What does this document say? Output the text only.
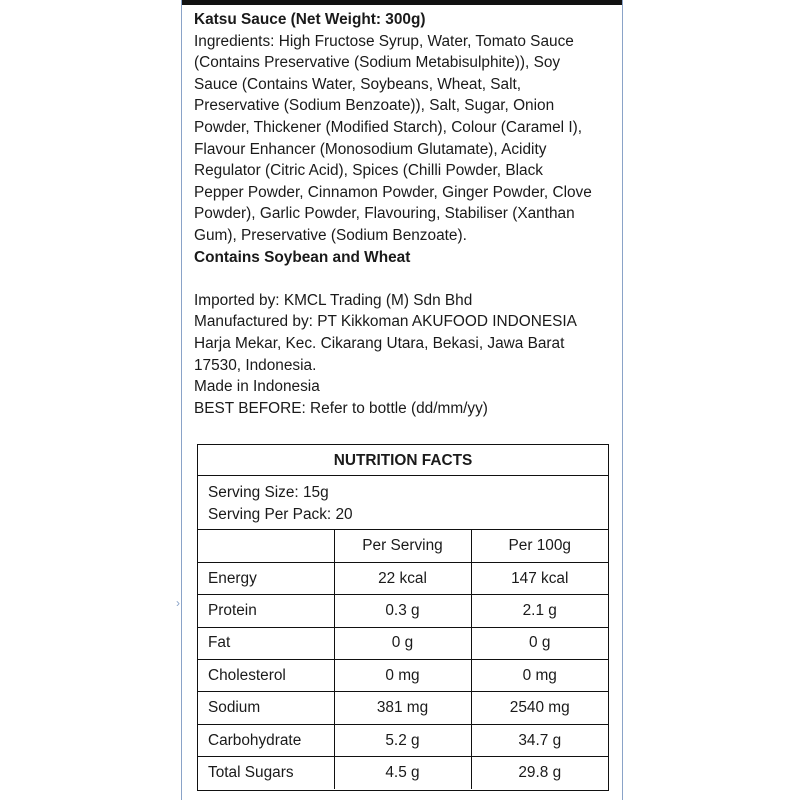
›

Katsu Sauce (Net Weight: 300g)

Ingredients: High Fructose Syrup, Water, Tomato Sauce

(Contains Preservative (Sodium Metabisulphite)), Soy

Sauce (Contains Water, Soybeans, Wheat, Salt,

Preservative (Sodium Benzoate)), Salt, Sugar, Onion

Powder, Thickener (Modified Starch), Colour (Caramel I),

Flavour Enhancer (Monosodium Glutamate), Acidity

Regulator (Citric Acid), Spices (Chilli Powder, Black

Pepper Powder, Cinnamon Powder, Ginger Powder, Clove

Powder), Garlic Powder, Flavouring, Stabiliser (Xanthan

Gum), Preservative (Sodium Benzoate).

Contains Soybean and Wheat

Imported by: KMCL Trading (M) Sdn Bhd

Manufactured by: PT Kikkoman AKUFOOD INDONESIA

Harja Mekar, Kec. Cikarang Utara, Bekasi, Jawa Barat

17530, Indonesia.

Made in Indonesia

BEST BEFORE: Refer to bottle (dd/mm/yy)

NUTRITION FACTS
Serving Size: 15g
Serving Per Pack: 20
	Per Serving	Per 100g
Energy	22 kcal	147 kcal
Protein	0.3 g	2.1 g
Fat	0 g	0 g
Cholesterol	0 mg	0 mg
Sodium	381 mg	2540 mg
Carbohydrate	5.2 g	34.7 g
Total Sugars	4.5 g	29.8 g
